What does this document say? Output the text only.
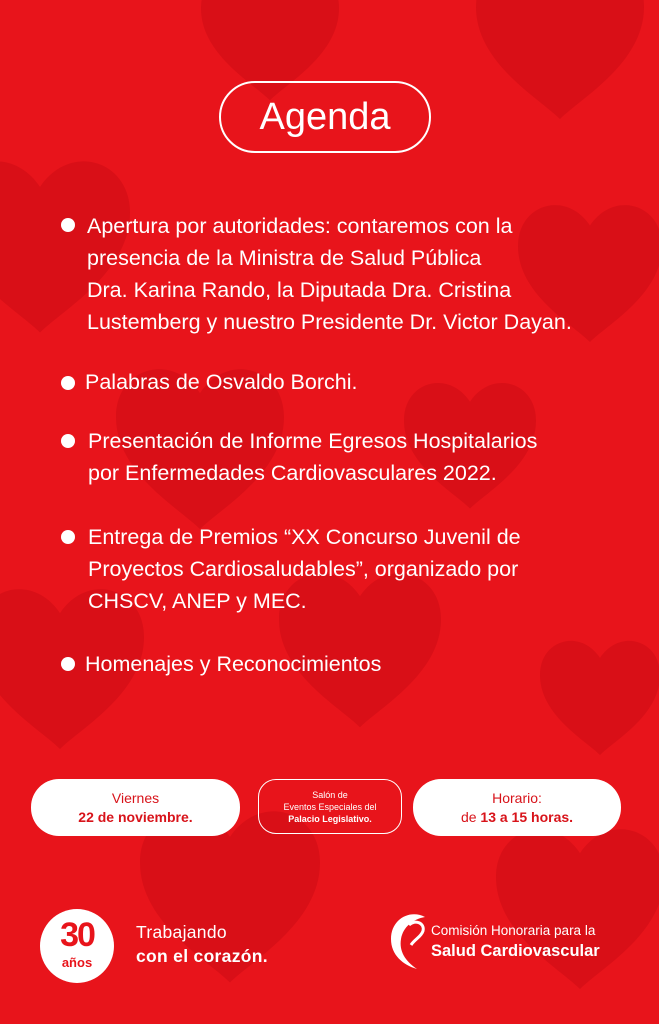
Agenda
Apertura por autoridades: contaremos con la
presencia de la Ministra de Salud Pública
Dra. Karina Rando, la Diputada Dra. Cristina
Lustemberg y nuestro Presidente Dr. Victor Dayan.
Palabras de Osvaldo Borchi.
Presentación de Informe Egresos Hospitalarios
por Enfermedades Cardiovasculares 2022.
Entrega de Premios “XX Concurso Juvenil de
Proyectos Cardiosaludables”, organizado por
CHSCV, ANEP y MEC.
Homenajes y Reconocimientos
Viernes
22 de noviembre.
Salón de
Eventos Especiales del
Palacio Legislativo.
Horario:
de 13 a 15 horas.
30
años
Trabajando
con el corazón.
Comisión Honoraria para la
Salud Cardiovascular
